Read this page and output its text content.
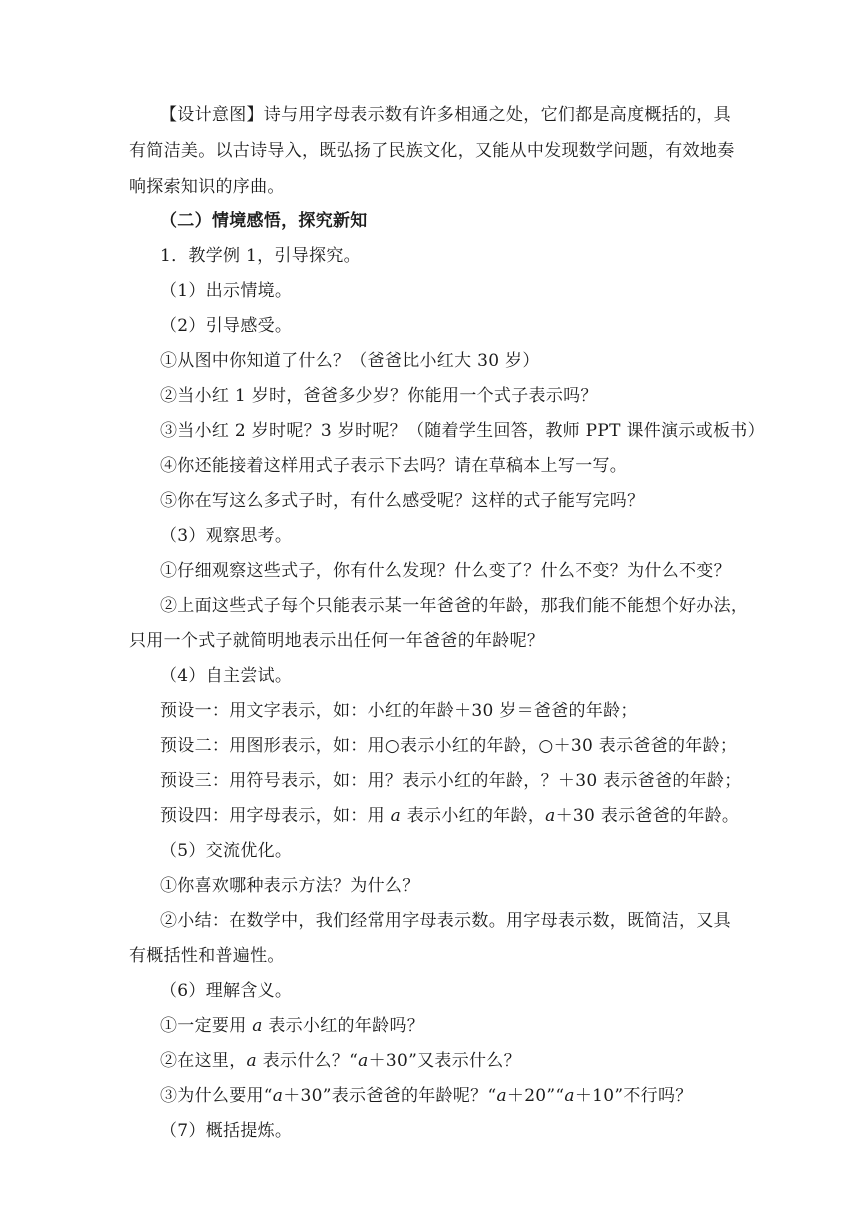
【设计意图】诗与用字母表示数有许多相通之处，它们都是高度概括的，具
有简洁美。以古诗导入，既弘扬了民族文化，又能从中发现数学问题，有效地奏
响探索知识的序曲。
（二）情境感悟，探究新知
1．教学例 1，引导探究。
（1）出示情境。
（2）引导感受。
①从图中你知道了什么？（爸爸比小红大 30 岁）
②当小红 1 岁时，爸爸多少岁？你能用一个式子表示吗？
③当小红 2 岁时呢？3 岁时呢？（随着学生回答，教师 PPT 课件演示或板书）
④你还能接着这样用式子表示下去吗？请在草稿本上写一写。
⑤你在写这么多式子时，有什么感受呢？这样的式子能写完吗？
（3）观察思考。
①仔细观察这些式子，你有什么发现？什么变了？什么不变？为什么不变？
②上面这些式子每个只能表示某一年爸爸的年龄，那我们能不能想个好办法，
只用一个式子就简明地表示出任何一年爸爸的年龄呢？
（4）自主尝试。
预设一：用文字表示，如：小红的年龄＋30 岁＝爸爸的年龄；
预设二：用图形表示，如：用○表示小红的年龄，○＋30 表示爸爸的年龄；
预设三：用符号表示，如：用？表示小红的年龄，？＋30 表示爸爸的年龄；
预设四：用字母表示，如：用 a 表示小红的年龄，a＋30 表示爸爸的年龄。
（5）交流优化。
①你喜欢哪种表示方法？为什么？
②小结：在数学中，我们经常用字母表示数。用字母表示数，既简洁，又具
有概括性和普遍性。
（6）理解含义。
①一定要用 a 表示小红的年龄吗？
②在这里，a 表示什么？“a＋30”又表示什么？
③为什么要用“a＋30”表示爸爸的年龄呢？“a＋20”“a＋10”不行吗？
（7）概括提炼。
